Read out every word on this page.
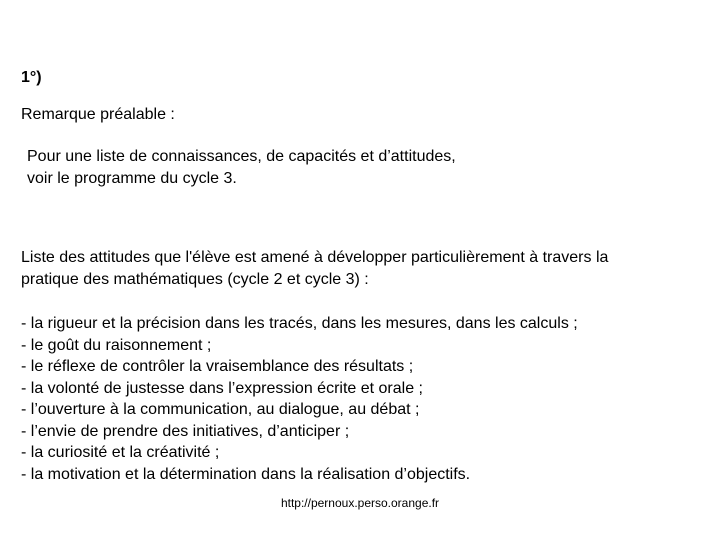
1°)
Remarque préalable :
Pour une liste de connaissances, de capacités et d’attitudes,
voir le programme du cycle 3.
Liste des attitudes que l'élève est amené à développer particulièrement à travers la
pratique des mathématiques (cycle 2 et cycle 3) :
- la rigueur et la précision dans les tracés, dans les mesures, dans les calculs ;
- le goût du raisonnement ;
- le réflexe de contrôler la vraisemblance des résultats ;
- la volonté de justesse dans l’expression écrite et orale ;
- l’ouverture à la communication, au dialogue, au débat ;
- l’envie de prendre des initiatives, d’anticiper ;
- la curiosité et la créativité ;
- la motivation et la détermination dans la réalisation d’objectifs.
http://pernoux.perso.orange.fr
